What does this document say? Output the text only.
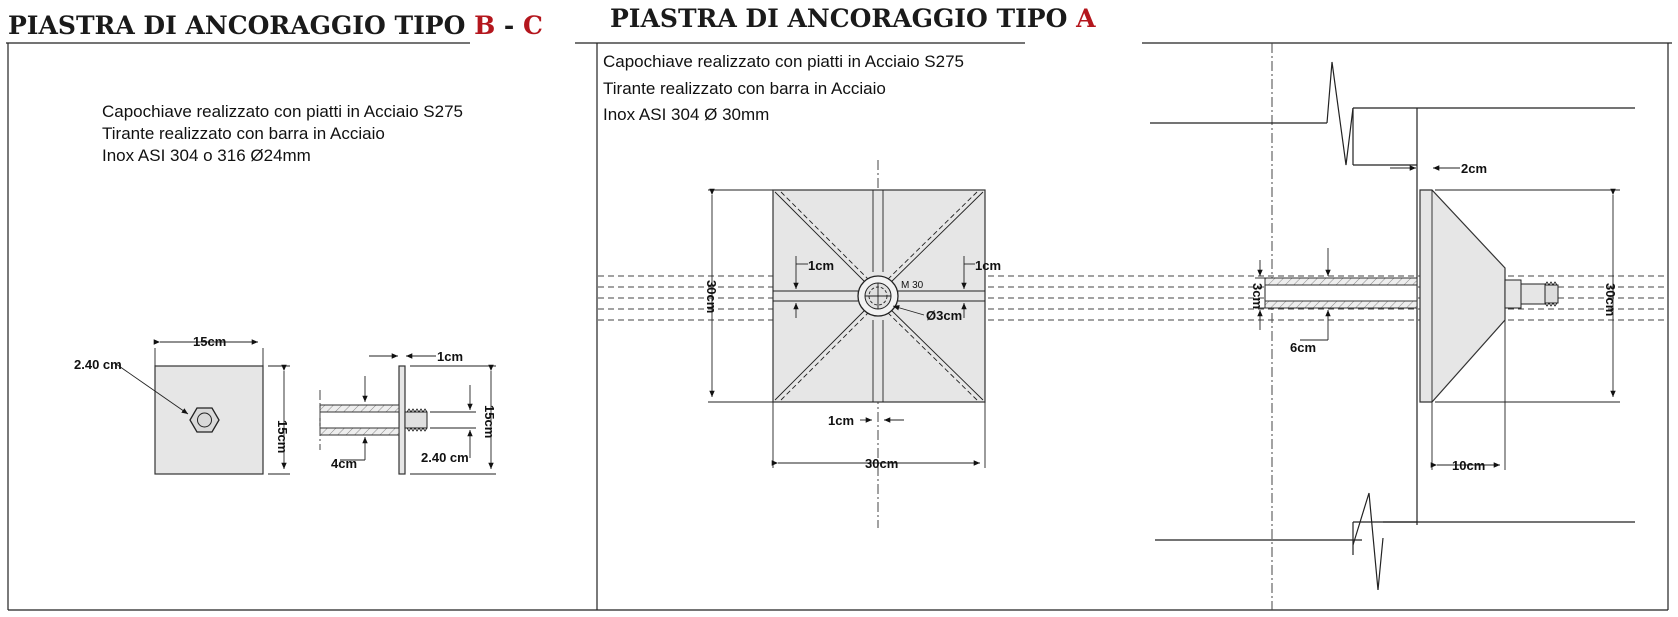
PIASTRA DI ANCORAGGIO TIPO B - C	PIASTRA DI ANCORAGGIO TIPO A
Capochiave realizzato con piatti in Acciaio S275
Tirante realizzato con barra in Acciaio
Inox ASI 304 o 316 Ø24mm
Capochiave realizzato con piatti in Acciaio S275
Tirante realizzato con barra in Acciaio
Inox ASI 304 Ø 30mm
15cm
15cm
2.40 cm
1cm
15cm
4cm	2.40 cm
30cm
30cm
1cm	1cm
1cm
M 30
Ø3cm
2cm
3cm
6cm
30cm
10cm
